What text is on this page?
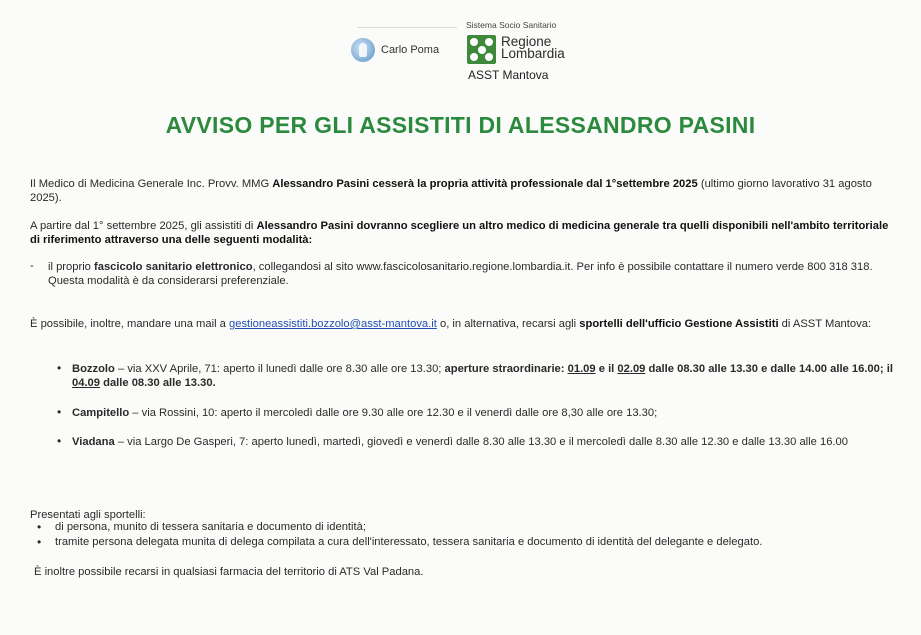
Sistema Socio Sanitario
Carlo Poma
Regione
Lombardia
ASST Mantova
AVVISO PER GLI ASSISTITI DI ALESSANDRO PASINI
Il Medico di Medicina Generale Inc. Provv. MMG Alessandro Pasini cesserà la propria attività professionale dal 1°settembre 2025 (ultimo giorno lavorativo 31 agosto 2025).
A partire dal 1° settembre 2025, gli assistiti di Alessandro Pasini dovranno scegliere un altro medico di medicina generale tra quelli disponibili nell'ambito territoriale di riferimento attraverso una delle seguenti modalità:
- il proprio fascicolo sanitario elettronico, collegandosi al sito www.fascicolosanitario.regione.lombardia.it. Per info è possibile contattare il numero verde 800 318 318. Questa modalità è da considerarsi preferenziale.
È possibile, inoltre, mandare una mail a gestioneassistiti.bozzolo@asst-mantova.it o, in alternativa, recarsi agli sportelli dell'ufficio Gestione Assistiti di ASST Mantova:
• Bozzolo – via XXV Aprile, 71: aperto il lunedì dalle ore 8.30 alle ore 13.30; aperture straordinarie: 01.09 e il 02.09 dalle 08.30 alle 13.30 e dalle 14.00 alle 16.00; il 04.09 dalle 08.30 alle 13.30.
• Campitello – via Rossini, 10: aperto il mercoledì dalle ore 9.30 alle ore 12.30 e il venerdì dalle ore 8,30 alle ore 13.30;
• Viadana – via Largo De Gasperi, 7: aperto lunedì, martedì, giovedì e venerdì dalle 8.30 alle 13.30 e il mercoledì dalle 8.30 alle 12.30 e dalle 13.30 alle 16.00
Presentati agli sportelli:
• di persona, munito di tessera sanitaria e documento di identità;
• tramite persona delegata munita di delega compilata a cura dell'interessato, tessera sanitaria e documento di identità del delegante e delegato.
È inoltre possibile recarsi in qualsiasi farmacia del territorio di ATS Val Padana.
